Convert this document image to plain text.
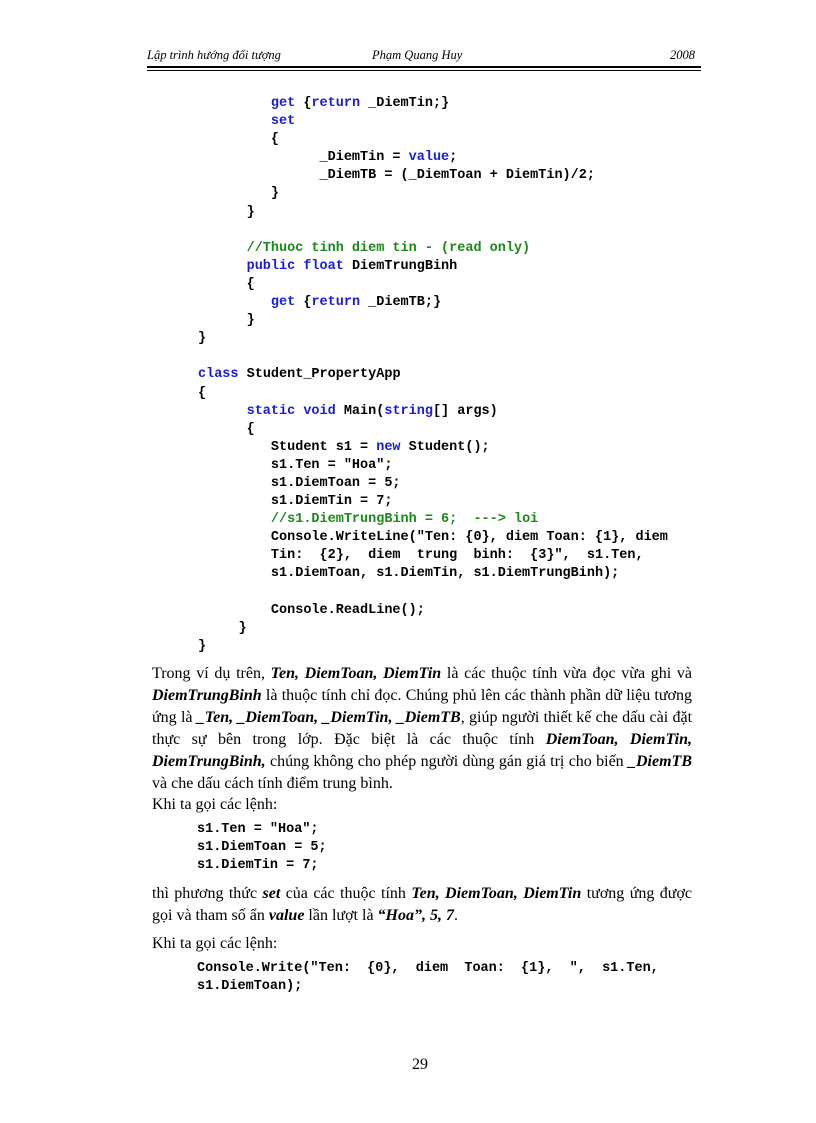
Lập trình hướng đối tượng	Phạm Quang Huy	2008
get {return _DiemTin;}
set
{
_DiemTin = value;
_DiemTB = (_DiemToan + DiemTin)/2;
}
}

//Thuoc tinh diem tin - (read only)
public float DiemTrungBinh
{
get {return _DiemTB;}
}
}

class Student_PropertyApp
{
static void Main(string[] args)
{
Student s1 = new Student();
s1.Ten = "Hoa";
s1.DiemToan = 5;
s1.DiemTin = 7;
//s1.DiemTrungBinh = 6;  ---> loi
Console.WriteLine("Ten: {0}, diem Toan: {1}, diem
Tin:  {2},  diem  trung  binh:  {3}",  s1.Ten,
s1.DiemToan, s1.DiemTin, s1.DiemTrungBinh);

Console.ReadLine();
}
}

Trong ví dụ trên, Ten, DiemToan, DiemTin là các thuộc tính vừa đọc vừa ghi và DiemTrungBinh là thuộc tính chỉ đọc. Chúng phủ lên các thành phần dữ liệu tương ứng là _Ten, _DiemToan, _DiemTin, _DiemTB, giúp người thiết kế che dấu cài đặt thực sự bên trong lớp. Đặc biệt là các thuộc tính DiemToan, DiemTin, DiemTrungBinh, chúng không cho phép người dùng gán giá trị cho biến _DiemTB và che dấu cách tính điểm trung bình.

Khi ta gọi các lệnh:

s1.Ten = "Hoa";
s1.DiemToan = 5;
s1.DiemTin = 7;

thì phương thức set của các thuộc tính Ten, DiemToan, DiemTin tương ứng được gọi và tham số ẩn value lần lượt là “Hoa”, 5, 7.

Khi ta gọi các lệnh:

Console.Write("Ten:  {0},  diem  Toan:  {1},  ",  s1.Ten,
s1.DiemToan);
29
